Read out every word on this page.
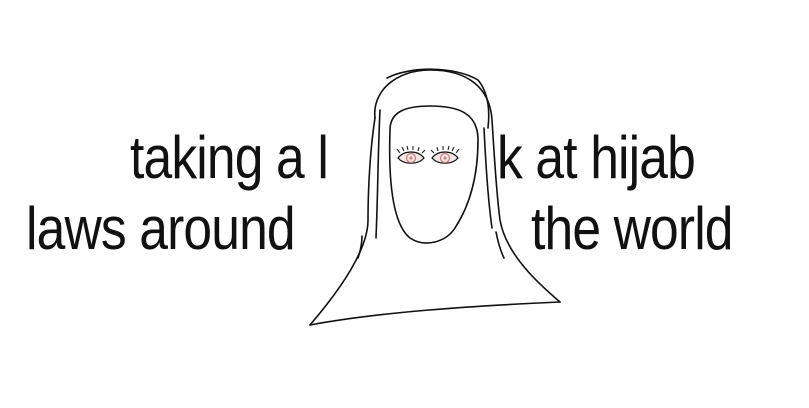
taking a l	k at hijab
laws around	the world
